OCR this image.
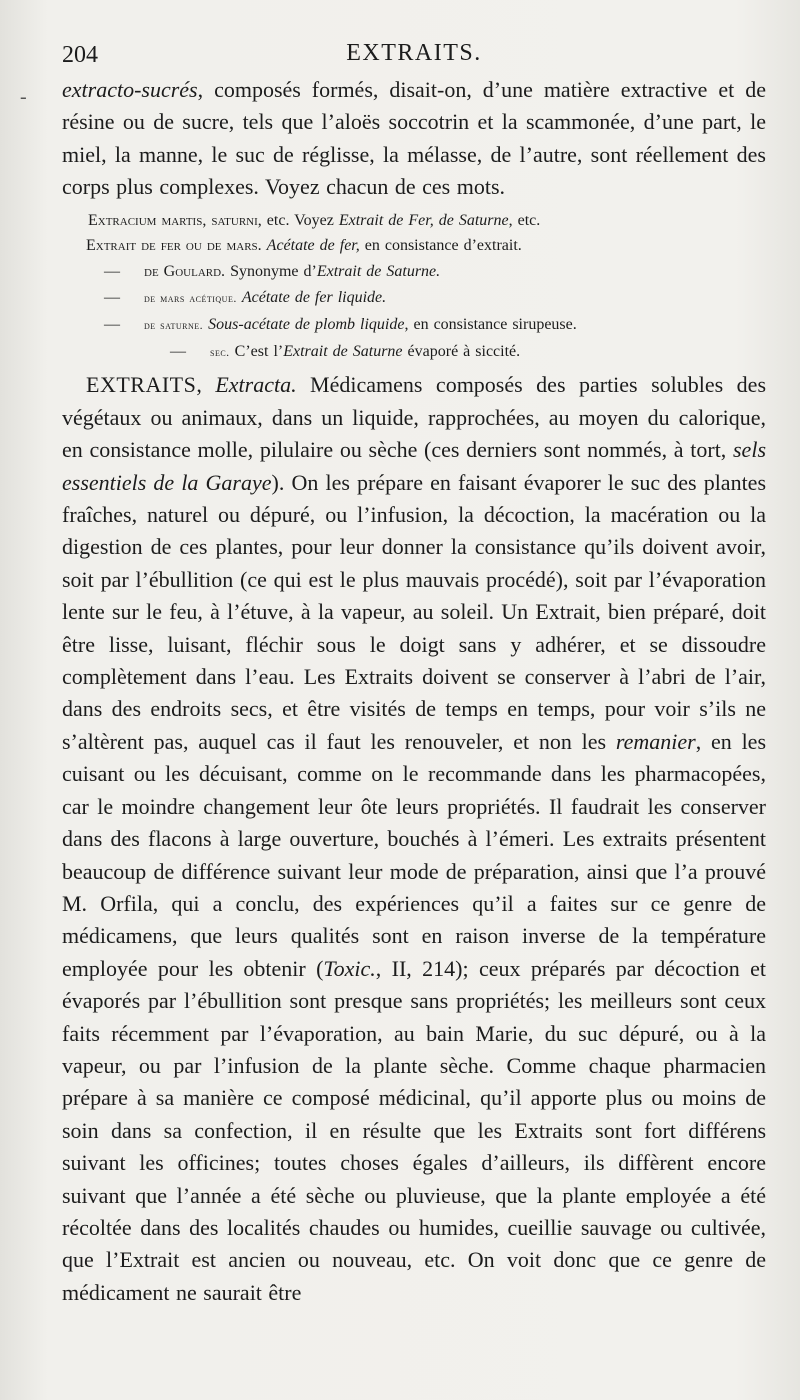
-
204	EXTRAITS.

extracto-sucrés, composés formés, disait-on, d’une matière extractive et de résine ou de sucre, tels que l’aloës soccotrin et la scammonée, d’une part, le miel, la manne, le suc de réglisse, la mélasse, de l’autre, sont réellement des corps plus complexes. Voyez chacun de ces mots.

Extracium martis, saturni, etc. Voyez Extrait de Fer, de Saturne, etc.
Extrait de fer ou de mars. Acétate de fer, en consistance d’extrait.
— de Goulard. Synonyme d’Extrait de Saturne.
— de mars acétique. Acétate de fer liquide.
— de saturne. Sous-acétate de plomb liquide, en consistance sirupeuse.
— sec. C’est l’Extrait de Saturne évaporé à siccité.

EXTRAITS, Extracta. Médicamens composés des parties solubles des végétaux ou animaux, dans un liquide, rapprochées, au moyen du calorique, en consistance molle, pilulaire ou sèche (ces derniers sont nommés, à tort, sels essentiels de la Garaye). On les prépare en faisant évaporer le suc des plantes fraîches, naturel ou dépuré, ou l’infusion, la décoction, la macération ou la digestion de ces plantes, pour leur donner la consistance qu’ils doivent avoir, soit par l’ébullition (ce qui est le plus mauvais procédé), soit par l’évaporation lente sur le feu, à l’étuve, à la vapeur, au soleil. Un Extrait, bien préparé, doit être lisse, luisant, fléchir sous le doigt sans y adhérer, et se dissoudre complètement dans l’eau. Les Extraits doivent se conserver à l’abri de l’air, dans des endroits secs, et être visités de temps en temps, pour voir s’ils ne s’altèrent pas, auquel cas il faut les renouveler, et non les remanier, en les cuisant ou les décuisant, comme on le recommande dans les pharmacopées, car le moindre changement leur ôte leurs propriétés. Il faudrait les conserver dans des flacons à large ouverture, bouchés à l’émeri. Les extraits présentent beaucoup de différence suivant leur mode de préparation, ainsi que l’a prouvé M. Orfila, qui a conclu, des expériences qu’il a faites sur ce genre de médicamens, que leurs qualités sont en raison inverse de la température employée pour les obtenir (Toxic., II, 214); ceux préparés par décoction et évaporés par l’ébullition sont presque sans propriétés; les meilleurs sont ceux faits récemment par l’évaporation, au bain Marie, du suc dépuré, ou à la vapeur, ou par l’infusion de la plante sèche. Comme chaque pharmacien prépare à sa manière ce composé médicinal, qu’il apporte plus ou moins de soin dans sa confection, il en résulte que les Extraits sont fort différens suivant les officines; toutes choses égales d’ailleurs, ils diffèrent encore suivant que l’année a été sèche ou pluvieuse, que la plante employée a été récoltée dans des localités chaudes ou humides, cueillie sauvage ou cultivée, que l’Extrait est ancien ou nouveau, etc. On voit donc que ce genre de médicament ne saurait être
